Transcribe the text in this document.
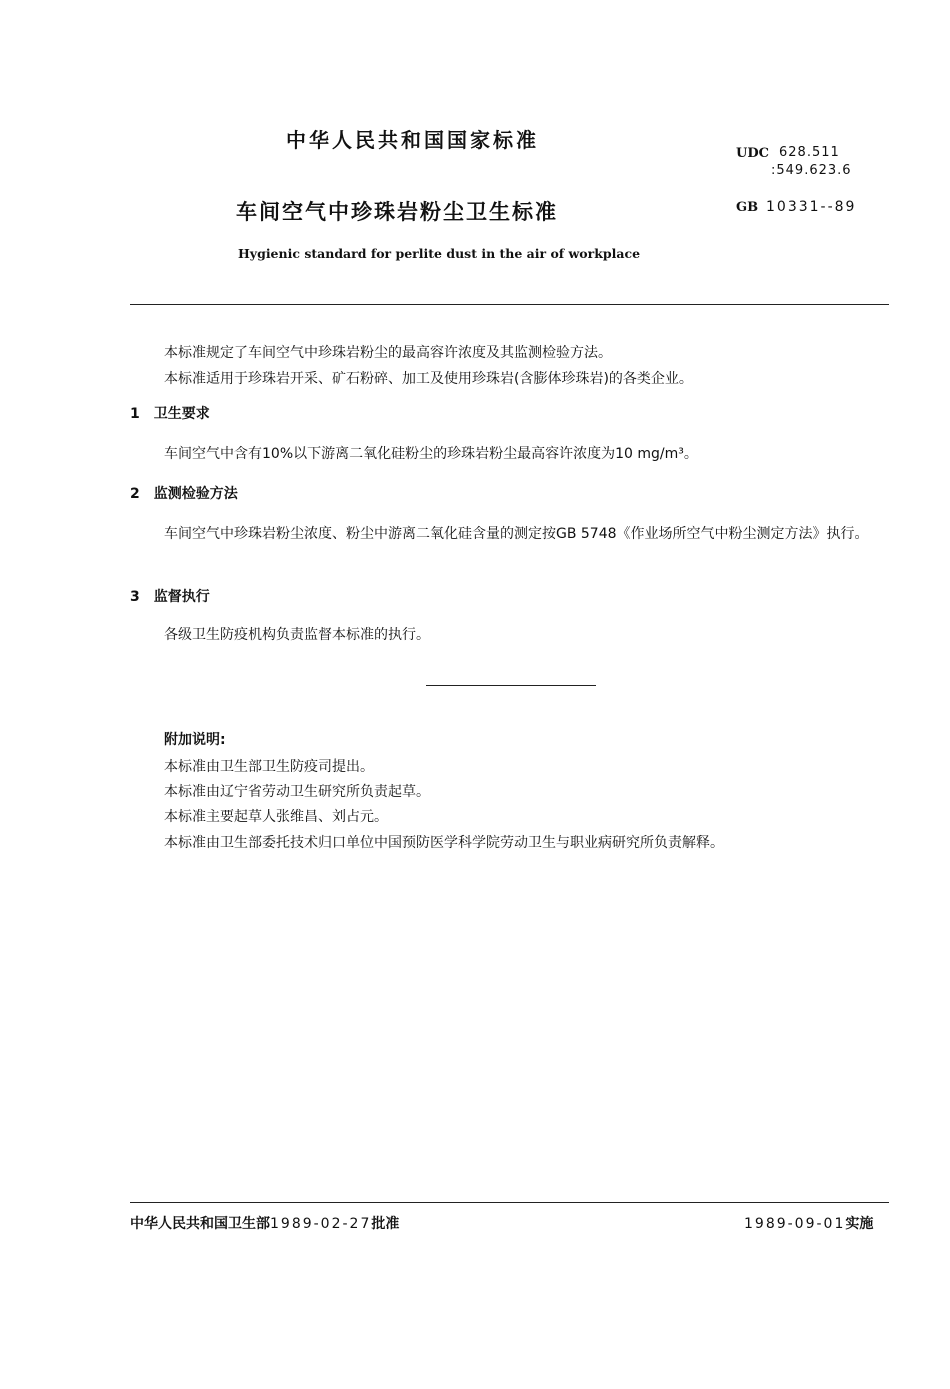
中华人民共和国国家标准
UDC 628.511
:549.623.6
车间空气中珍珠岩粉尘卫生标准	GB 10331--89
Hygienic standard for perlite dust in the air of workplace
本标准规定了车间空气中珍珠岩粉尘的最高容许浓度及其监测检验方法。
本标准适用于珍珠岩开采、矿石粉碎、加工及使用珍珠岩(含膨体珍珠岩)的各类企业。
1　卫生要求
车间空气中含有10%以下游离二氧化硅粉尘的珍珠岩粉尘最高容许浓度为10 mg/m³。
2　监测检验方法
车间空气中珍珠岩粉尘浓度、粉尘中游离二氧化硅含量的测定按GB 5748《作业场所空气中粉尘测定方法》执行。
3　监督执行
各级卫生防疫机构负责监督本标准的执行。
附加说明:
本标准由卫生部卫生防疫司提出。
本标准由辽宁省劳动卫生研究所负责起草。
本标准主要起草人张维昌、刘占元。
本标准由卫生部委托技术归口单位中国预防医学科学院劳动卫生与职业病研究所负责解释。
中华人民共和国卫生部1989-02-27批准	1989-09-01实施
